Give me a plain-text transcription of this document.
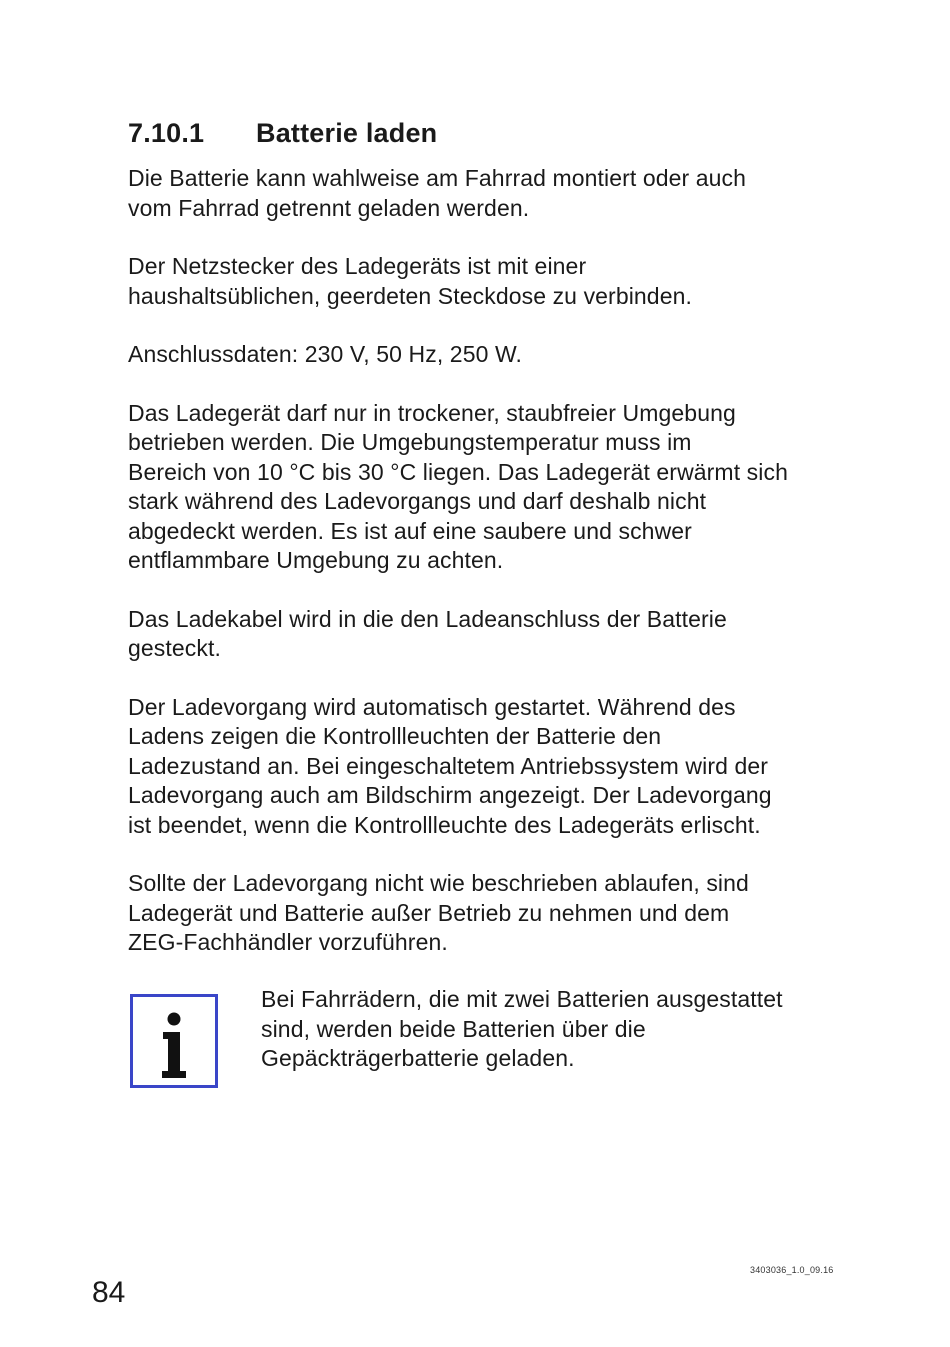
7.10.1 Batterie laden

Die Batterie kann wahlweise am Fahrrad montiert oder auch
vom Fahrrad getrennt geladen werden.

Der Netzstecker des Ladegeräts ist mit einer
haushaltsüblichen, geerdeten Steckdose zu verbinden.

Anschlussdaten: 230 V, 50 Hz, 250 W.

Das Ladegerät darf nur in trockener, staubfreier Umgebung
betrieben werden. Die Umgebungstemperatur muss im
Bereich von 10 °C bis 30 °C liegen. Das Ladegerät erwärmt sich
stark während des Ladevorgangs und darf deshalb nicht
abgedeckt werden. Es ist auf eine saubere und schwer
entflammbare Umgebung zu achten.

Das Ladekabel wird in die den Ladeanschluss der Batterie
gesteckt.

Der Ladevorgang wird automatisch gestartet. Während des
Ladens zeigen die Kontrollleuchten der Batterie den
Ladezustand an. Bei eingeschaltetem Antriebssystem wird der
Ladevorgang auch am Bildschirm angezeigt. Der Ladevorgang
ist beendet, wenn die Kontrollleuchte des Ladegeräts erlischt.

Sollte der Ladevorgang nicht wie beschrieben ablaufen, sind
Ladegerät und Batterie außer Betrieb zu nehmen und dem
ZEG-Fachhändler vorzuführen.

Bei Fahrrädern, die mit zwei Batterien ausgestattet
sind, werden beide Batterien über die
Gepäckträgerbatterie geladen.
84
3403036_1.0_09.16
